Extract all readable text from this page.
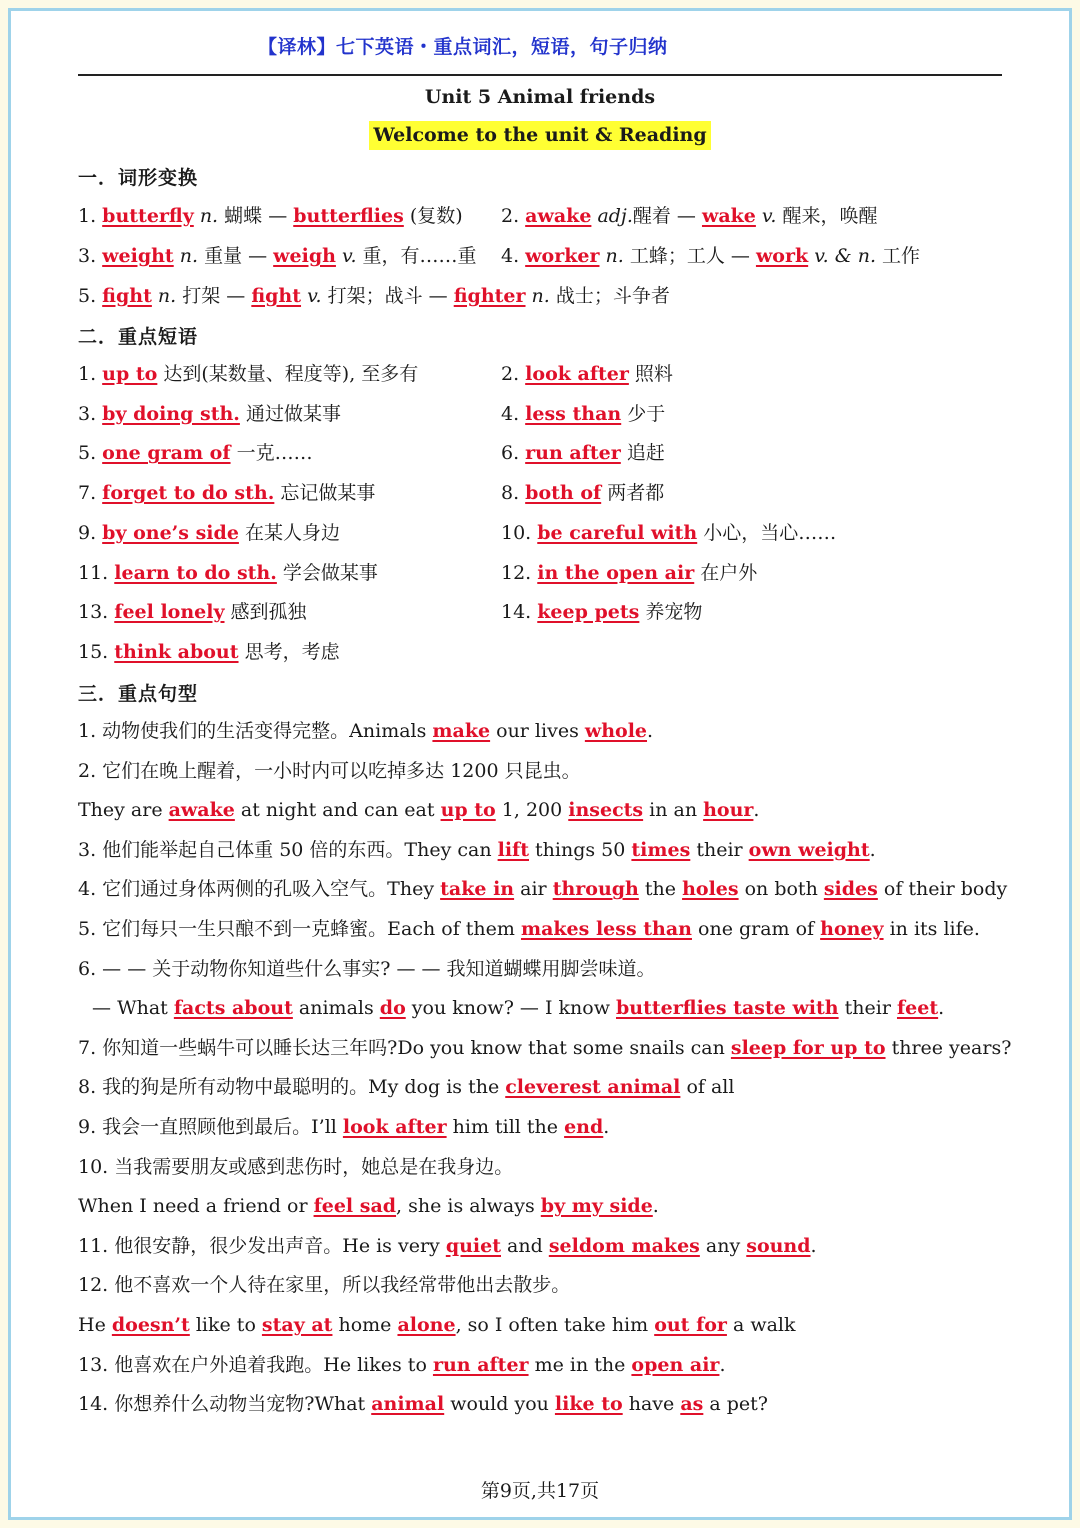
【译林】七下英语・重点词汇，短语，句子归纳
Unit 5 Animal friends
Welcome to the unit & Reading
一．词形变换
二．重点短语
三．重点句型
1. butterfly n. 蝴蝶 — butterflies (复数) 2. awake adj.醒着 — wake v. 醒来，唤醒
3. weight n. 重量 — weigh v. 重，有……重 4. worker n. 工蜂；工人 — work v. & n. 工作
5. fight n. 打架 — fight v. 打架；战斗 — fighter n. 战士；斗争者
1. up to 达到(某数量、程度等), 至多有	2. look after 照料
3. by doing sth. 通过做某事	4. less than 少于
5. one gram of 一克……	6. run after 追赶
7. forget to do sth. 忘记做某事	8. both of 两者都
9. by one’s side 在某人身边	10. be careful with 小心，当心……
11. learn to do sth. 学会做某事	12. in the open air 在户外
13. feel lonely 感到孤独	14. keep pets 养宠物
15. think about 思考，考虑
1. 动物使我们的生活变得完整。Animals make our lives whole.
2. 它们在晚上醒着，一小时内可以吃掉多达 1200 只昆虫。
They are awake at night and can eat up to 1, 200 insects in an hour.
3. 他们能举起自己体重 50 倍的东西。They can lift things 50 times their own weight.
4. 它们通过身体两侧的孔吸入空气。They take in air through the holes on both sides of their body
5. 它们每只一生只酿不到一克蜂蜜。Each of them makes less than one gram of honey in its life.
6. — — 关于动物你知道些什么事实? — — 我知道蝴蝶用脚尝味道。
— What facts about animals do you know? — I know butterflies taste with their feet.
7. 你知道一些蜗牛可以睡长达三年吗?Do you know that some snails can sleep for up to three years?
8. 我的狗是所有动物中最聪明的。My dog is the cleverest animal of all
9. 我会一直照顾他到最后。I’ll look after him till the end.
10. 当我需要朋友或感到悲伤时，她总是在我身边。
When I need a friend or feel sad, she is always by my side.
11. 他很安静，很少发出声音。He is very quiet and seldom makes any sound.
12. 他不喜欢一个人待在家里，所以我经常带他出去散步。
He doesn’t like to stay at home alone, so I often take him out for a walk
13. 他喜欢在户外追着我跑。He likes to run after me in the open air.
14. 你想养什么动物当宠物?What animal would you like to have as a pet?
第9页,共17页
